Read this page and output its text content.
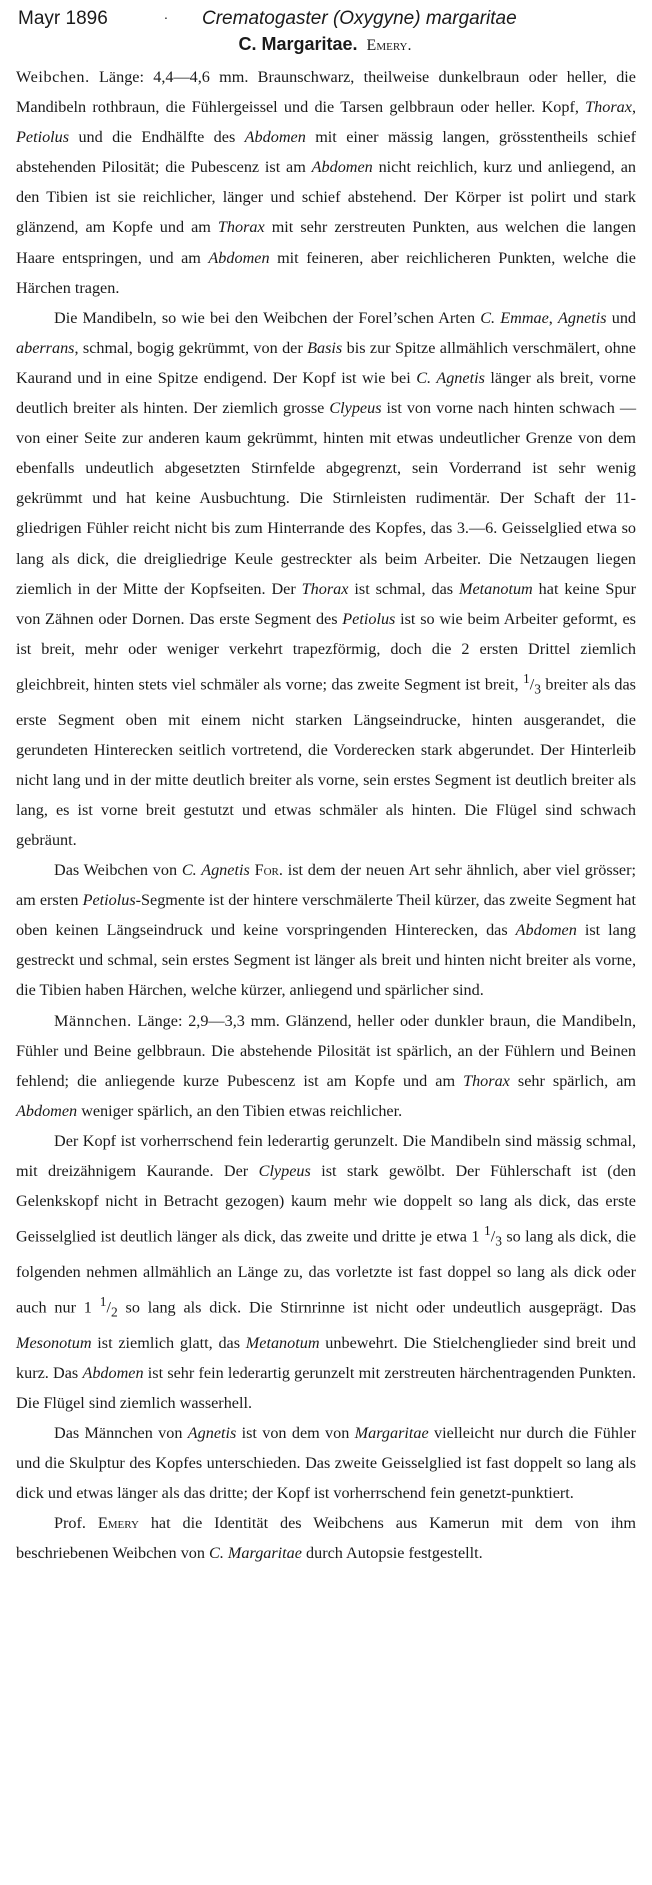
Mayr 1896	. Crematogaster (Oxygyne) margaritae
C. Margaritae. Emery.

Weibchen. Länge: 4,4—4,6 mm. Braunschwarz, theilweise dunkelbraun oder heller, die Mandibeln rothbraun, die Fühlergeissel und die Tarsen gelbbraun oder heller. Kopf, Thorax, Petiolus und die Endhälfte des Abdomen mit einer mässig langen, grösstentheils schief abstehenden Pilosität; die Pubescenz ist am Abdomen nicht reichlich, kurz und anliegend, an den Tibien ist sie reichlicher, länger und schief abstehend. Der Körper ist polirt und stark glänzend, am Kopfe und am Thorax mit sehr zerstreuten Punkten, aus welchen die langen Haare entspringen, und am Abdomen mit feineren, aber reichlicheren Punkten, welche die Härchen tragen.

Die Mandibeln, so wie bei den Weibchen der Forel’schen Arten C. Emmae, Agnetis und aberrans, schmal, bogig gekrümmt, von der Basis bis zur Spitze allmählich verschmälert, ohne Kaurand und in eine Spitze endigend. Der Kopf ist wie bei C. Agnetis länger als breit, vorne deutlich breiter als hinten. Der ziemlich grosse Clypeus ist von vorne nach hinten schwach — von einer Seite zur anderen kaum gekrümmt, hinten mit etwas undeutlicher Grenze von dem ebenfalls undeutlich abgesetzten Stirnfelde abgegrenzt, sein Vorderrand ist sehr wenig gekrümmt und hat keine Ausbuchtung. Die Stirnleisten rudimentär. Der Schaft der 11-gliedrigen Fühler reicht nicht bis zum Hinterrande des Kopfes, das 3.—6. Geisselglied etwa so lang als dick, die dreigliedrige Keule gestreckter als beim Arbeiter. Die Netzaugen liegen ziemlich in der Mitte der Kopfseiten. Der Thorax ist schmal, das Metanotum hat keine Spur von Zähnen oder Dornen. Das erste Segment des Petiolus ist so wie beim Arbeiter geformt, es ist breit, mehr oder weniger verkehrt trapezförmig, doch die 2 ersten Drittel ziemlich gleichbreit, hinten stets viel schmäler als vorne; das zweite Segment ist breit, $^1/_3$ breiter als das erste Segment oben mit einem nicht starken Längseindrucke, hinten ausgerandet, die gerundeten Hinterecken seitlich vortretend, die Vorderecken stark abgerundet. Der Hinterleib nicht lang und in der mitte deutlich breiter als vorne, sein erstes Segment ist deutlich breiter als lang, es ist vorne breit gestutzt und etwas schmäler als hinten. Die Flügel sind schwach gebräunt.

Das Weibchen von C. Agnetis For. ist dem der neuen Art sehr ähnlich, aber viel grösser; am ersten Petiolus-Segmente ist der hintere verschmälerte Theil kürzer, das zweite Segment hat oben keinen Längseindruck und keine vorspringenden Hinterecken, das Abdomen ist lang gestreckt und schmal, sein erstes Segment ist länger als breit und hinten nicht breiter als vorne, die Tibien haben Härchen, welche kürzer, anliegend und spärlicher sind.

Männchen. Länge: 2,9—3,3 mm. Glänzend, heller oder dunkler braun, die Mandibeln, Fühler und Beine gelbbraun. Die abstehende Pilosität ist spärlich, an der Fühlern und Beinen fehlend; die anliegende kurze Pubescenz ist am Kopfe und am Thorax sehr spärlich, am Abdomen weniger spärlich, an den Tibien etwas reichlicher.

Der Kopf ist vorherrschend fein lederartig gerunzelt. Die Mandibeln sind mässig schmal, mit dreizähnigem Kaurande. Der Clypeus ist stark gewölbt. Der Fühlerschaft ist (den Gelenkskopf nicht in Betracht gezogen) kaum mehr wie doppelt so lang als dick, das erste Geisselglied ist deutlich länger als dick, das zweite und dritte je etwa 1 $^1/_3$ so lang als dick, die folgenden nehmen allmählich an Länge zu, das vorletzte ist fast doppel so lang als dick oder auch nur 1 $^1/_2$ so lang als dick. Die Stirnrinne ist nicht oder undeutlich ausgeprägt. Das Mesonotum ist ziemlich glatt, das Metanotum unbewehrt. Die Stielchenglieder sind breit und kurz. Das Abdomen ist sehr fein lederartig gerunzelt mit zerstreuten härchentragenden Punkten. Die Flügel sind ziemlich wasserhell.

Das Männchen von Agnetis ist von dem von Margaritae vielleicht nur durch die Fühler und die Skulptur des Kopfes unterschieden. Das zweite Geisselglied ist fast doppelt so lang als dick und etwas länger als das dritte; der Kopf ist vorherrschend fein genetzt-punktiert.

Prof. Emery hat die Identität des Weibchens aus Kamerun mit dem von ihm beschriebenen Weibchen von C. Margaritae durch Autopsie festgestellt.
